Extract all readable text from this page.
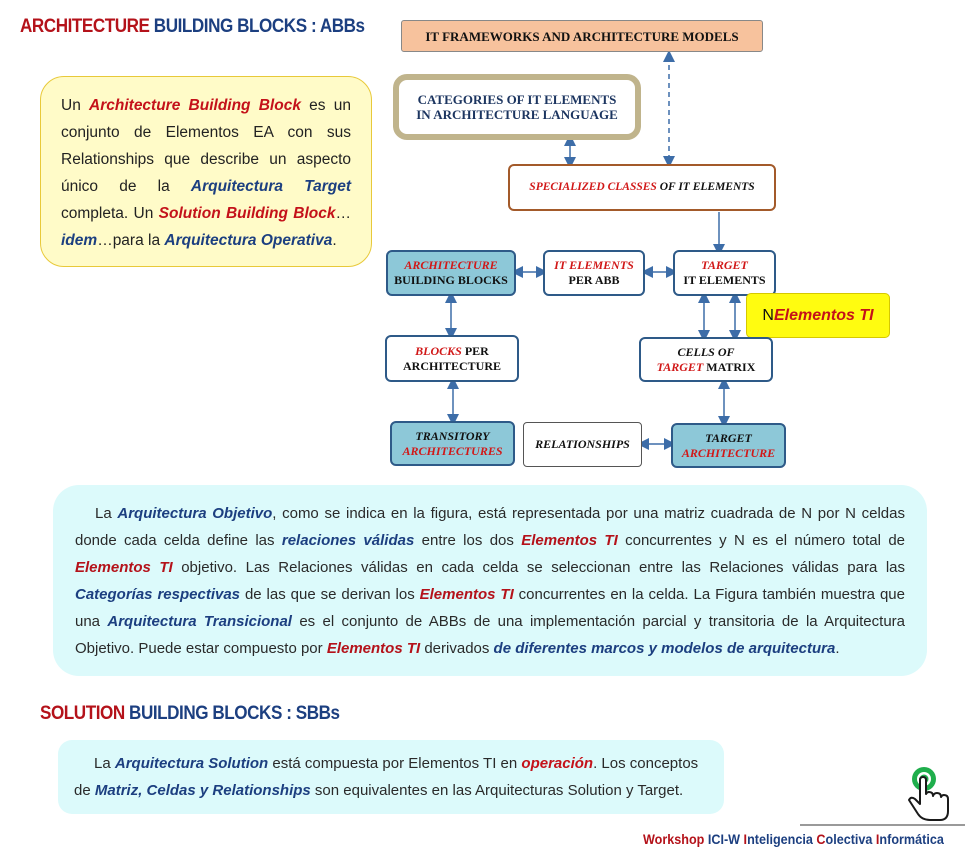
ARCHITECTURE BUILDING BLOCKS : ABBs
Un Architecture Building Block es un conjunto de Elementos EA con sus Relationships que describe un aspecto único de la Arquitectura Target completa. Un Solution Building Block…idem…para la Arquitectura Operativa.
IT FRAMEWORKS AND ARCHITECTURE MODELS
CATEGORIES OF IT ELEMENTS
IN ARCHITECTURE LANGUAGE
SPECIALIZED CLASSES OF IT ELEMENTS
ARCHITECTURE
BUILDING BLOCKS
IT ELEMENTS
PER ABB
TARGET
IT ELEMENTS
N Elementos TI
BLOCKS PER
ARCHITECTURE
CELLS OF
TARGET MATRIX
TRANSITORY
ARCHITECTURES	RELATIONSHIPS	TARGET
ARCHITECTURE
La Arquitectura Objetivo, como se indica en la figura, está representada por una matriz cuadrada de N por N celdas donde cada celda define las relaciones válidas entre los dos Elementos TI concurrentes y N es el número total de Elementos TI objetivo. Las Relaciones válidas en cada celda se seleccionan entre las Relaciones válidas para las Categorías respectivas de las que se derivan los Elementos TI concurrentes en la celda. La Figura también muestra que una Arquitectura Transicional es el conjunto de ABBs de una implementación parcial y transitoria de la Arquitectura Objetivo. Puede estar compuesto por Elementos TI derivados de diferentes marcos y modelos de arquitectura.
SOLUTION BUILDING BLOCKS : SBBs
La Arquitectura Solution está compuesta por Elementos TI en operación. Los conceptos de Matriz, Celdas y Relationships son equivalentes en las Arquitecturas Solution y Target.
Workshop ICI-W Inteligencia Colectiva Informática
